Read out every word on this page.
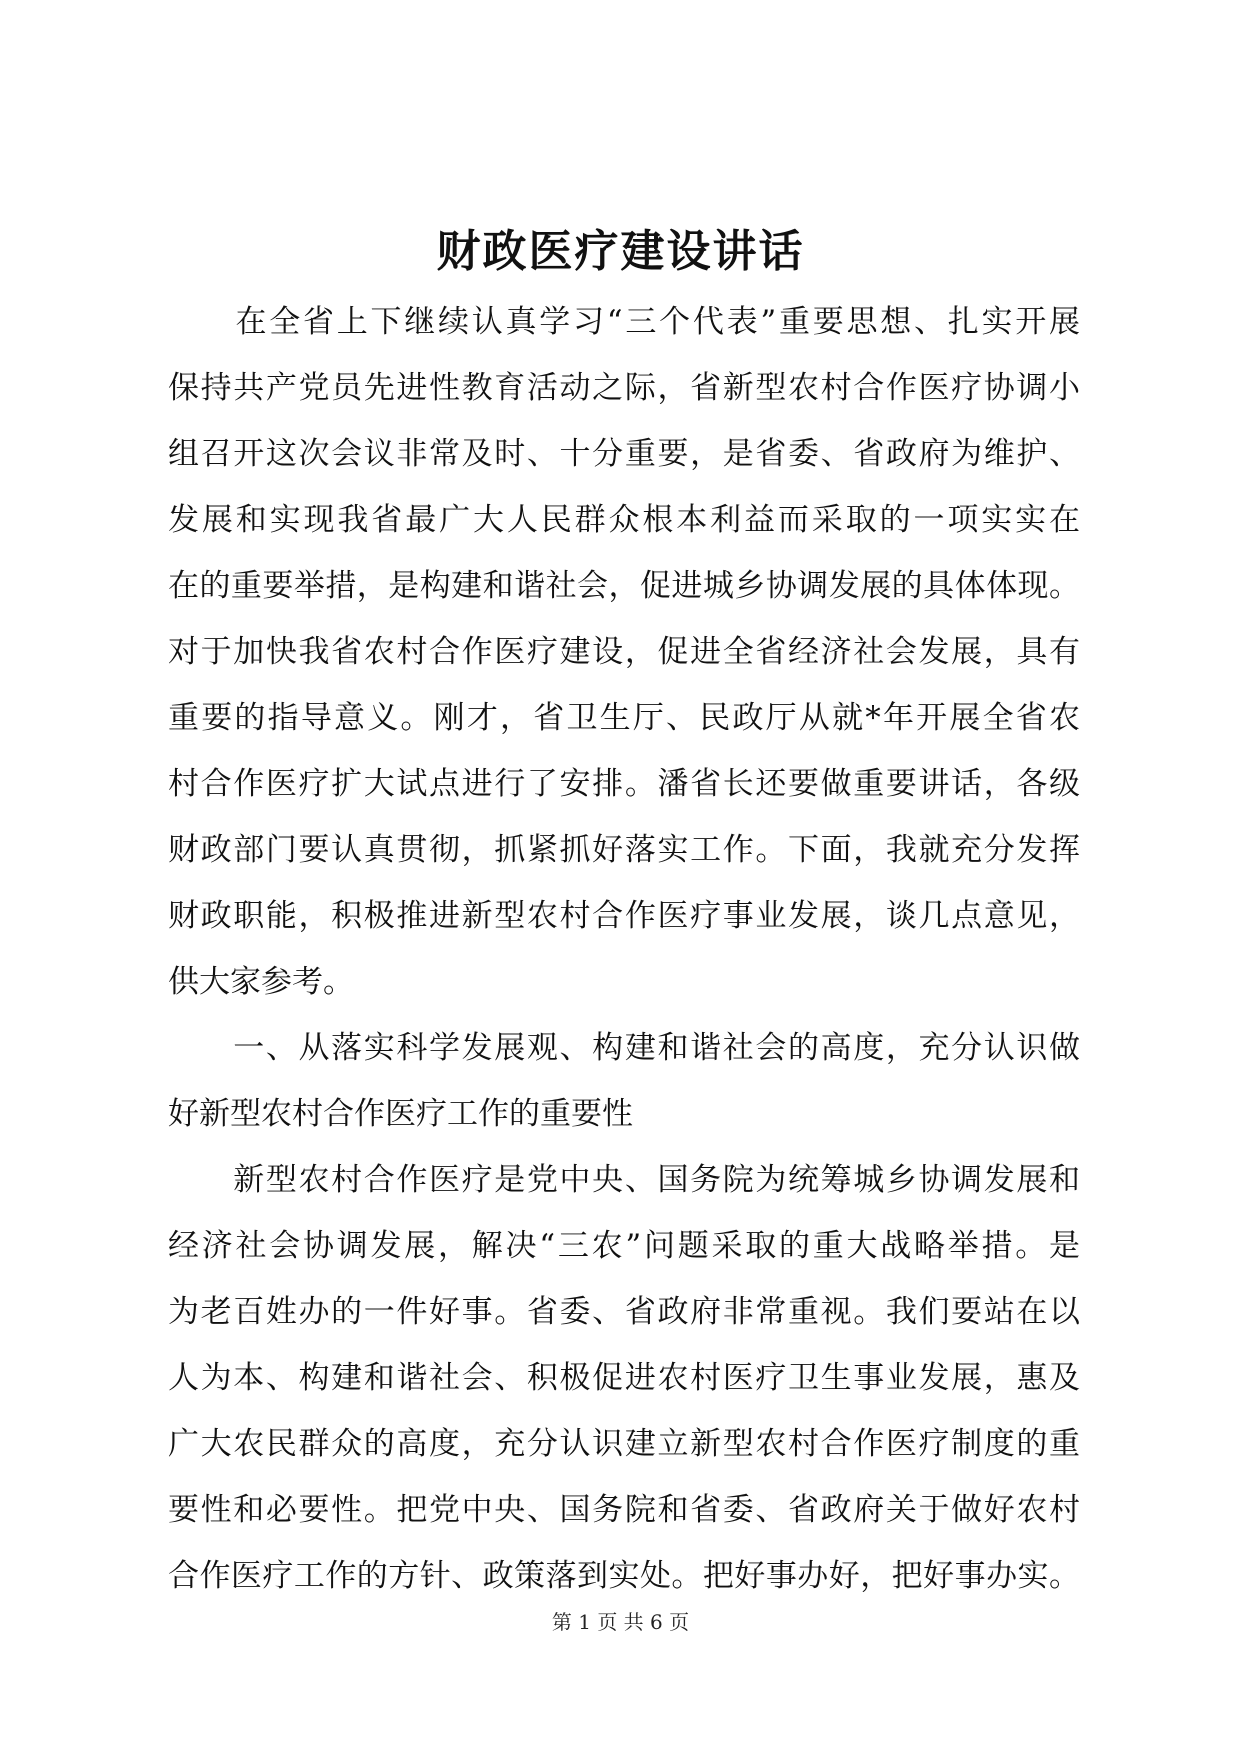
财政医疗建设讲话
　　在全省上下继续认真学习“三个代表”重要思想、扎实开展
保持共产党员先进性教育活动之际，省新型农村合作医疗协调小
组召开这次会议非常及时、十分重要，是省委、省政府为维护、
发展和实现我省最广大人民群众根本利益而采取的一项实实在
在的重要举措，是构建和谐社会，促进城乡协调发展的具体体现。
对于加快我省农村合作医疗建设，促进全省经济社会发展，具有
重要的指导意义。刚才，省卫生厅、民政厅从就*年开展全省农
村合作医疗扩大试点进行了安排。潘省长还要做重要讲话，各级
财政部门要认真贯彻，抓紧抓好落实工作。下面，我就充分发挥
财政职能，积极推进新型农村合作医疗事业发展，谈几点意见，
供大家参考。
　　一、从落实科学发展观、构建和谐社会的高度，充分认识做
好新型农村合作医疗工作的重要性
　　新型农村合作医疗是党中央、国务院为统筹城乡协调发展和
经济社会协调发展，解决“三农”问题采取的重大战略举措。是
为老百姓办的一件好事。省委、省政府非常重视。我们要站在以
人为本、构建和谐社会、积极促进农村医疗卫生事业发展，惠及
广大农民群众的高度，充分认识建立新型农村合作医疗制度的重
要性和必要性。把党中央、国务院和省委、省政府关于做好农村
合作医疗工作的方针、政策落到实处。把好事办好，把好事办实。
第 1 页 共 6 页
